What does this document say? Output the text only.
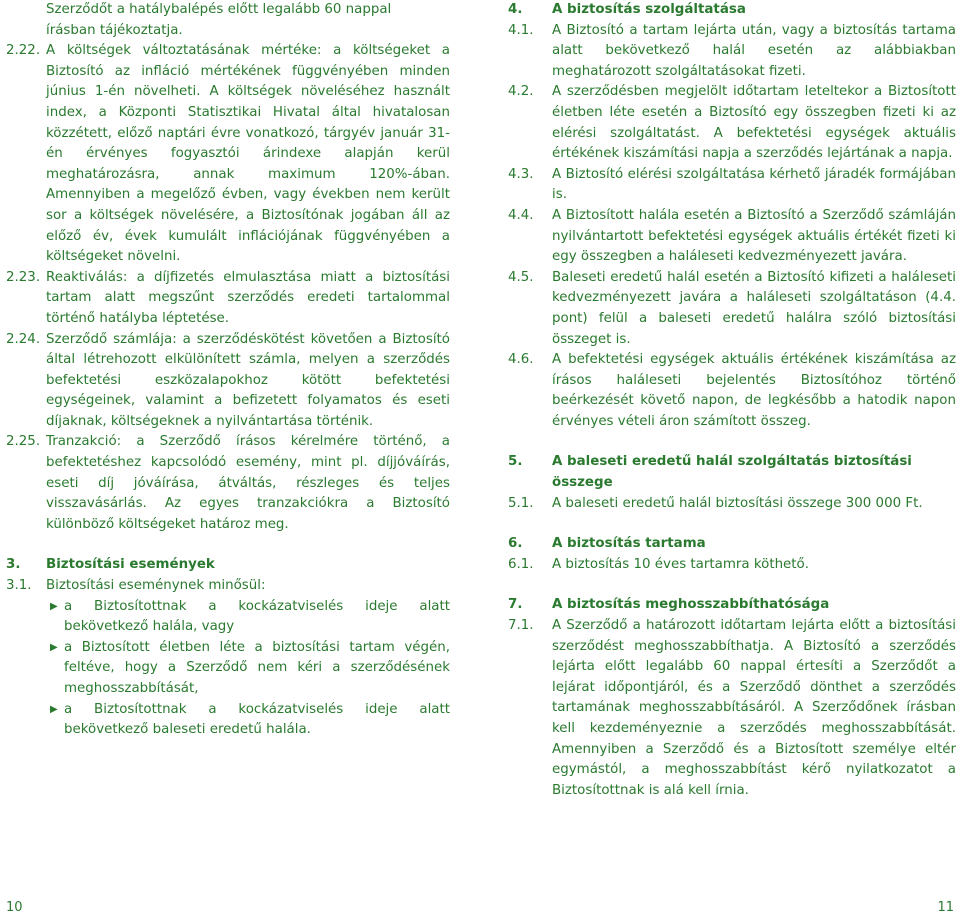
Szerződőt a hatálybalépés előtt legalább 60 nappal
írásban tájékoztatja.
2.22. A költségek változtatásának mértéke: a költségeket a Biztosító az infláció mértékének függvényében minden június 1-én növelheti. A költségek növeléséhez használt index, a Központi Statisztikai Hivatal által hivatalosan közzétett, előző naptári évre vonatkozó, tárgyév január 31-én érvényes fogyasztói árindexe alapján kerül meghatározásra, annak maximum 120%-ában. Amennyiben a megelőző évben, vagy években nem került sor a költségek növelésére, a Biztosítónak jogában áll az előző év, évek kumulált inflációjának függvényében a költségeket növelni.
2.23. Reaktiválás: a díjfizetés elmulasztása miatt a biztosítási tartam alatt megszűnt szerződés eredeti tartalommal történő hatályba léptetése.
2.24. Szerződő számlája: a szerződéskötést követően a Biztosító által létrehozott elkülönített számla, melyen a szerződés befektetési eszközalapokhoz kötött befektetési egységeinek, valamint a befizetett folyamatos és eseti díjaknak, költségeknek a nyilvántartása történik.
2.25. Tranzakció: a Szerződő írásos kérelmére történő, a befektetéshez kapcsolódó esemény, mint pl. díjjóváírás, eseti díj jóváírása, átváltás, részleges és teljes visszavásárlás. Az egyes tranzakciókra a Biztosító különböző költségeket határoz meg.
3.	Biztosítási események
3.1.	Biztosítási eseménynek minősül:
▶ a Biztosítottnak a kockázatviselés ideje alatt bekövetkező halála, vagy
▶ a Biztosított életben léte a biztosítási tartam végén, feltéve, hogy a Szerződő nem kéri a szerződésének meghosszabbítását,
▶ a Biztosítottnak a kockázatviselés ideje alatt bekövetkező baleseti eredetű halála.
4.	A biztosítás szolgáltatása
4.1.	A Biztosító a tartam lejárta után, vagy a biztosítás tartama alatt bekövetkező halál esetén az alábbiakban meghatározott szolgáltatásokat fizeti.
4.2.	A szerződésben megjelölt időtartam leteltekor a Biztosított életben léte esetén a Biztosító egy összegben fizeti ki az elérési szolgáltatást. A befektetési egységek aktuális értékének kiszámítási napja a szerződés lejártának a napja.
4.3.	A Biztosító elérési szolgáltatása kérhető járadék formájában is.
4.4.	A Biztosított halála esetén a Biztosító a Szerződő számláján nyilvántartott befektetési egységek aktuális értékét fizeti ki egy összegben a haláleseti kedvezményezett javára.
4.5.	Baleseti eredetű halál esetén a Biztosító kifizeti a haláleseti kedvezményezett javára a haláleseti szolgáltatáson (4.4. pont) felül a baleseti eredetű halálra szóló biztosítási összeget is.
4.6.	A befektetési egységek aktuális értékének kiszámítása az írásos haláleseti bejelentés Biztosítóhoz történő beérkezését követő napon, de legkésőbb a hatodik napon érvényes vételi áron számított összeg.
5.	A baleseti eredetű halál szolgáltatás biztosítási összege
5.1.	A baleseti eredetű halál biztosítási összege 300 000 Ft.
6.	A biztosítás tartama
6.1.	A biztosítás 10 éves tartamra köthető.
7.	A biztosítás meghosszabbíthatósága
7.1.	A Szerződő a határozott időtartam lejárta előtt a biztosítási szerződést meghosszabbíthatja. A Biztosító a szerződés lejárta előtt legalább 60 nappal értesíti a Szerződőt a lejárat időpontjáról, és a Szerződő dönthet a szerződés tartamának meghosszabbításáról. A Szerződőnek írásban kell kezdeményeznie a szerződés meghosszabbítását. Amennyiben a Szerződő és a Biztosított személye eltér egymástól, a meghosszabbítást kérő nyilatkozatot a Biztosítottnak is alá kell írnia.
10	11
